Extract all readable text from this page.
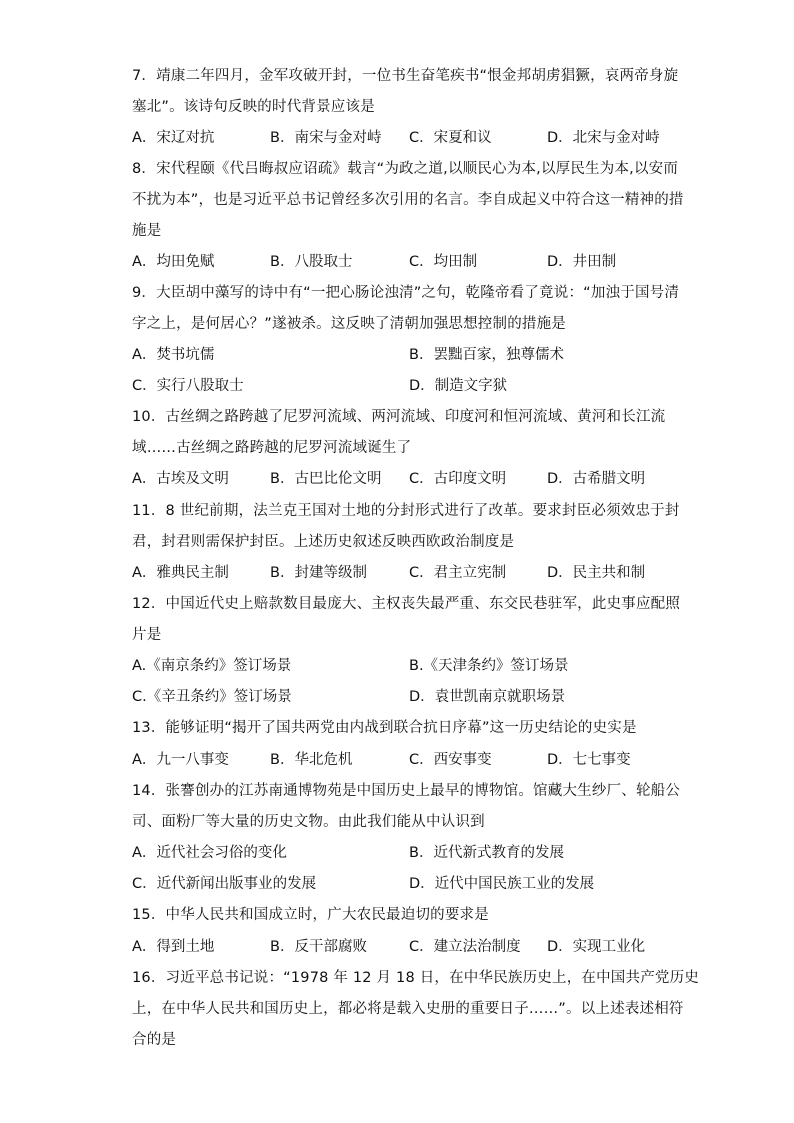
7．靖康二年四月，金军攻破开封，一位书生奋笔疾书“恨金邦胡虏猖獗，哀两帝身旋
塞北”。该诗句反映的时代背景应该是
A．宋辽对抗	B．南宋与金对峙 C．宋夏和议	D．北宋与金对峙
8．宋代程颐《代吕晦叔应诏疏》载言“为政之道,以顺民心为本,以厚民生为本,以安而
不扰为本”，也是习近平总书记曾经多次引用的名言。李自成起义中符合这一精神的措
施是
A．均田免赋	B．八股取士	C．均田制	D．井田制
9．大臣胡中藻写的诗中有“一把心肠论浊清”之句，乾隆帝看了竟说：“加浊于国号清
字之上，是何居心？”遂被杀。这反映了清朝加强思想控制的措施是
A．焚书坑儒	B．罢黜百家，独尊儒术
C．实行八股取士	D．制造文字狱
10．古丝绸之路跨越了尼罗河流域、两河流域、印度河和恒河流域、黄河和长江流
域……古丝绸之路跨越的尼罗河流域诞生了
A．古埃及文明	B．古巴比伦文明 C．古印度文明	D．古希腊文明
11．8 世纪前期，法兰克王国对土地的分封形式进行了改革。要求封臣必须效忠于封
君，封君则需保护封臣。上述历史叙述反映西欧政治制度是
A．雅典民主制	B．封建等级制	C．君主立宪制	D．民主共和制
12．中国近代史上赔款数目最庞大、主权丧失最严重、东交民巷驻军，此史事应配照
片是
A.《南京条约》签订场景	B.《天津条约》签订场景
C.《辛丑条约》签订场景	D．袁世凯南京就职场景
13．能够证明“揭开了国共两党由内战到联合抗日序幕”这一历史结论的史实是
A．九一八事变	B．华北危机	C．西安事变	D．七七事变
14．张謇创办的江苏南通博物苑是中国历史上最早的博物馆。馆藏大生纱厂、轮船公
司、面粉厂等大量的历史文物。由此我们能从中认识到
A．近代社会习俗的变化	B．近代新式教育的发展
C．近代新闻出版事业的发展	D．近代中国民族工业的发展
15．中华人民共和国成立时，广大农民最迫切的要求是
A．得到土地	B．反干部腐败	C．建立法治制度 D．实现工业化
16．习近平总书记说：“1978 年 12 月 18 日，在中华民族历史上，在中国共产党历史
上，在中华人民共和国历史上，都必将是载入史册的重要日子……”。以上述表述相符
合的是
